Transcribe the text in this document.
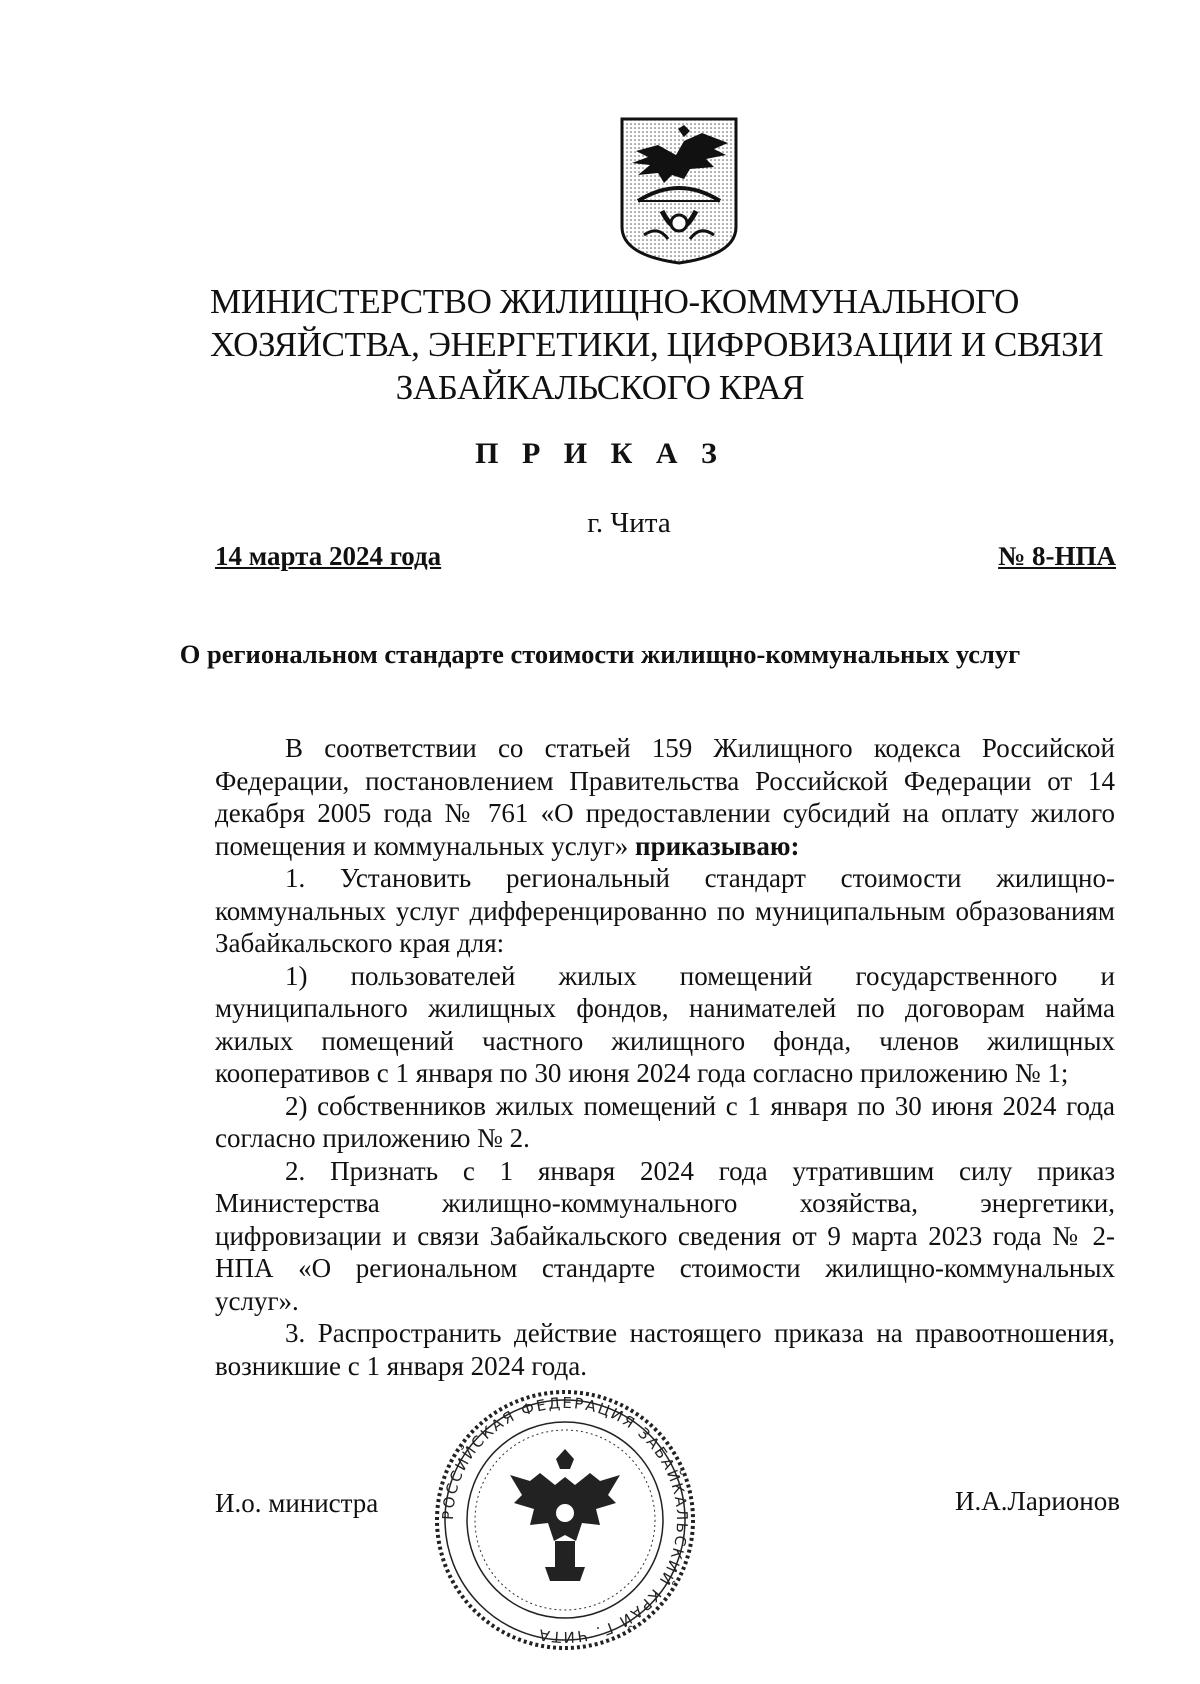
МИНИСТЕРСТВО ЖИЛИЩНО-КОММУНАЛЬНОГО
ХОЗЯЙСТВА, ЭНЕРГЕТИКИ, ЦИФРОВИЗАЦИИ И СВЯЗИ
ЗАБАЙКАЛЬСКОГО КРАЯ
П Р И К А З
г. Чита
14 марта 2024 года	№ 8-НПА
О региональном стандарте стоимости жилищно-коммунальных услуг

В соответствии со статьей 159 Жилищного кодекса Российской Федерации, постановлением Правительства Российской Федерации от 14 декабря 2005 года № 761 «О предоставлении субсидий на оплату жилого помещения и коммунальных услуг» приказываю:

1. Установить региональный стандарт стоимости жилищно-коммунальных услуг дифференцированно по муниципальным образованиям Забайкальского края для:

1) пользователей жилых помещений государственного и муниципального жилищных фондов, нанимателей по договорам найма жилых помещений частного жилищного фонда, членов жилищных кооперативов с 1 января по 30 июня 2024 года согласно приложению № 1;

2) собственников жилых помещений с 1 января по 30 июня 2024 года согласно приложению № 2.

2. Признать с 1 января 2024 года утратившим силу приказ Министерства жилищно-коммунального хозяйства, энергетики, цифровизации и связи Забайкальского сведения от 9 марта 2023 года № 2-НПА «О региональном стандарте стоимости жилищно-коммунальных услуг».

3. Распространить действие настоящего приказа на правоотношения, возникшие с 1 января 2024 года.

РОССИЙСКАЯ ФЕДЕРАЦИЯ ЗАБАЙКАЛЬСКИЙ КРАЙ Г. ЧИТА
И.о. министра	И.А.Ларионов
